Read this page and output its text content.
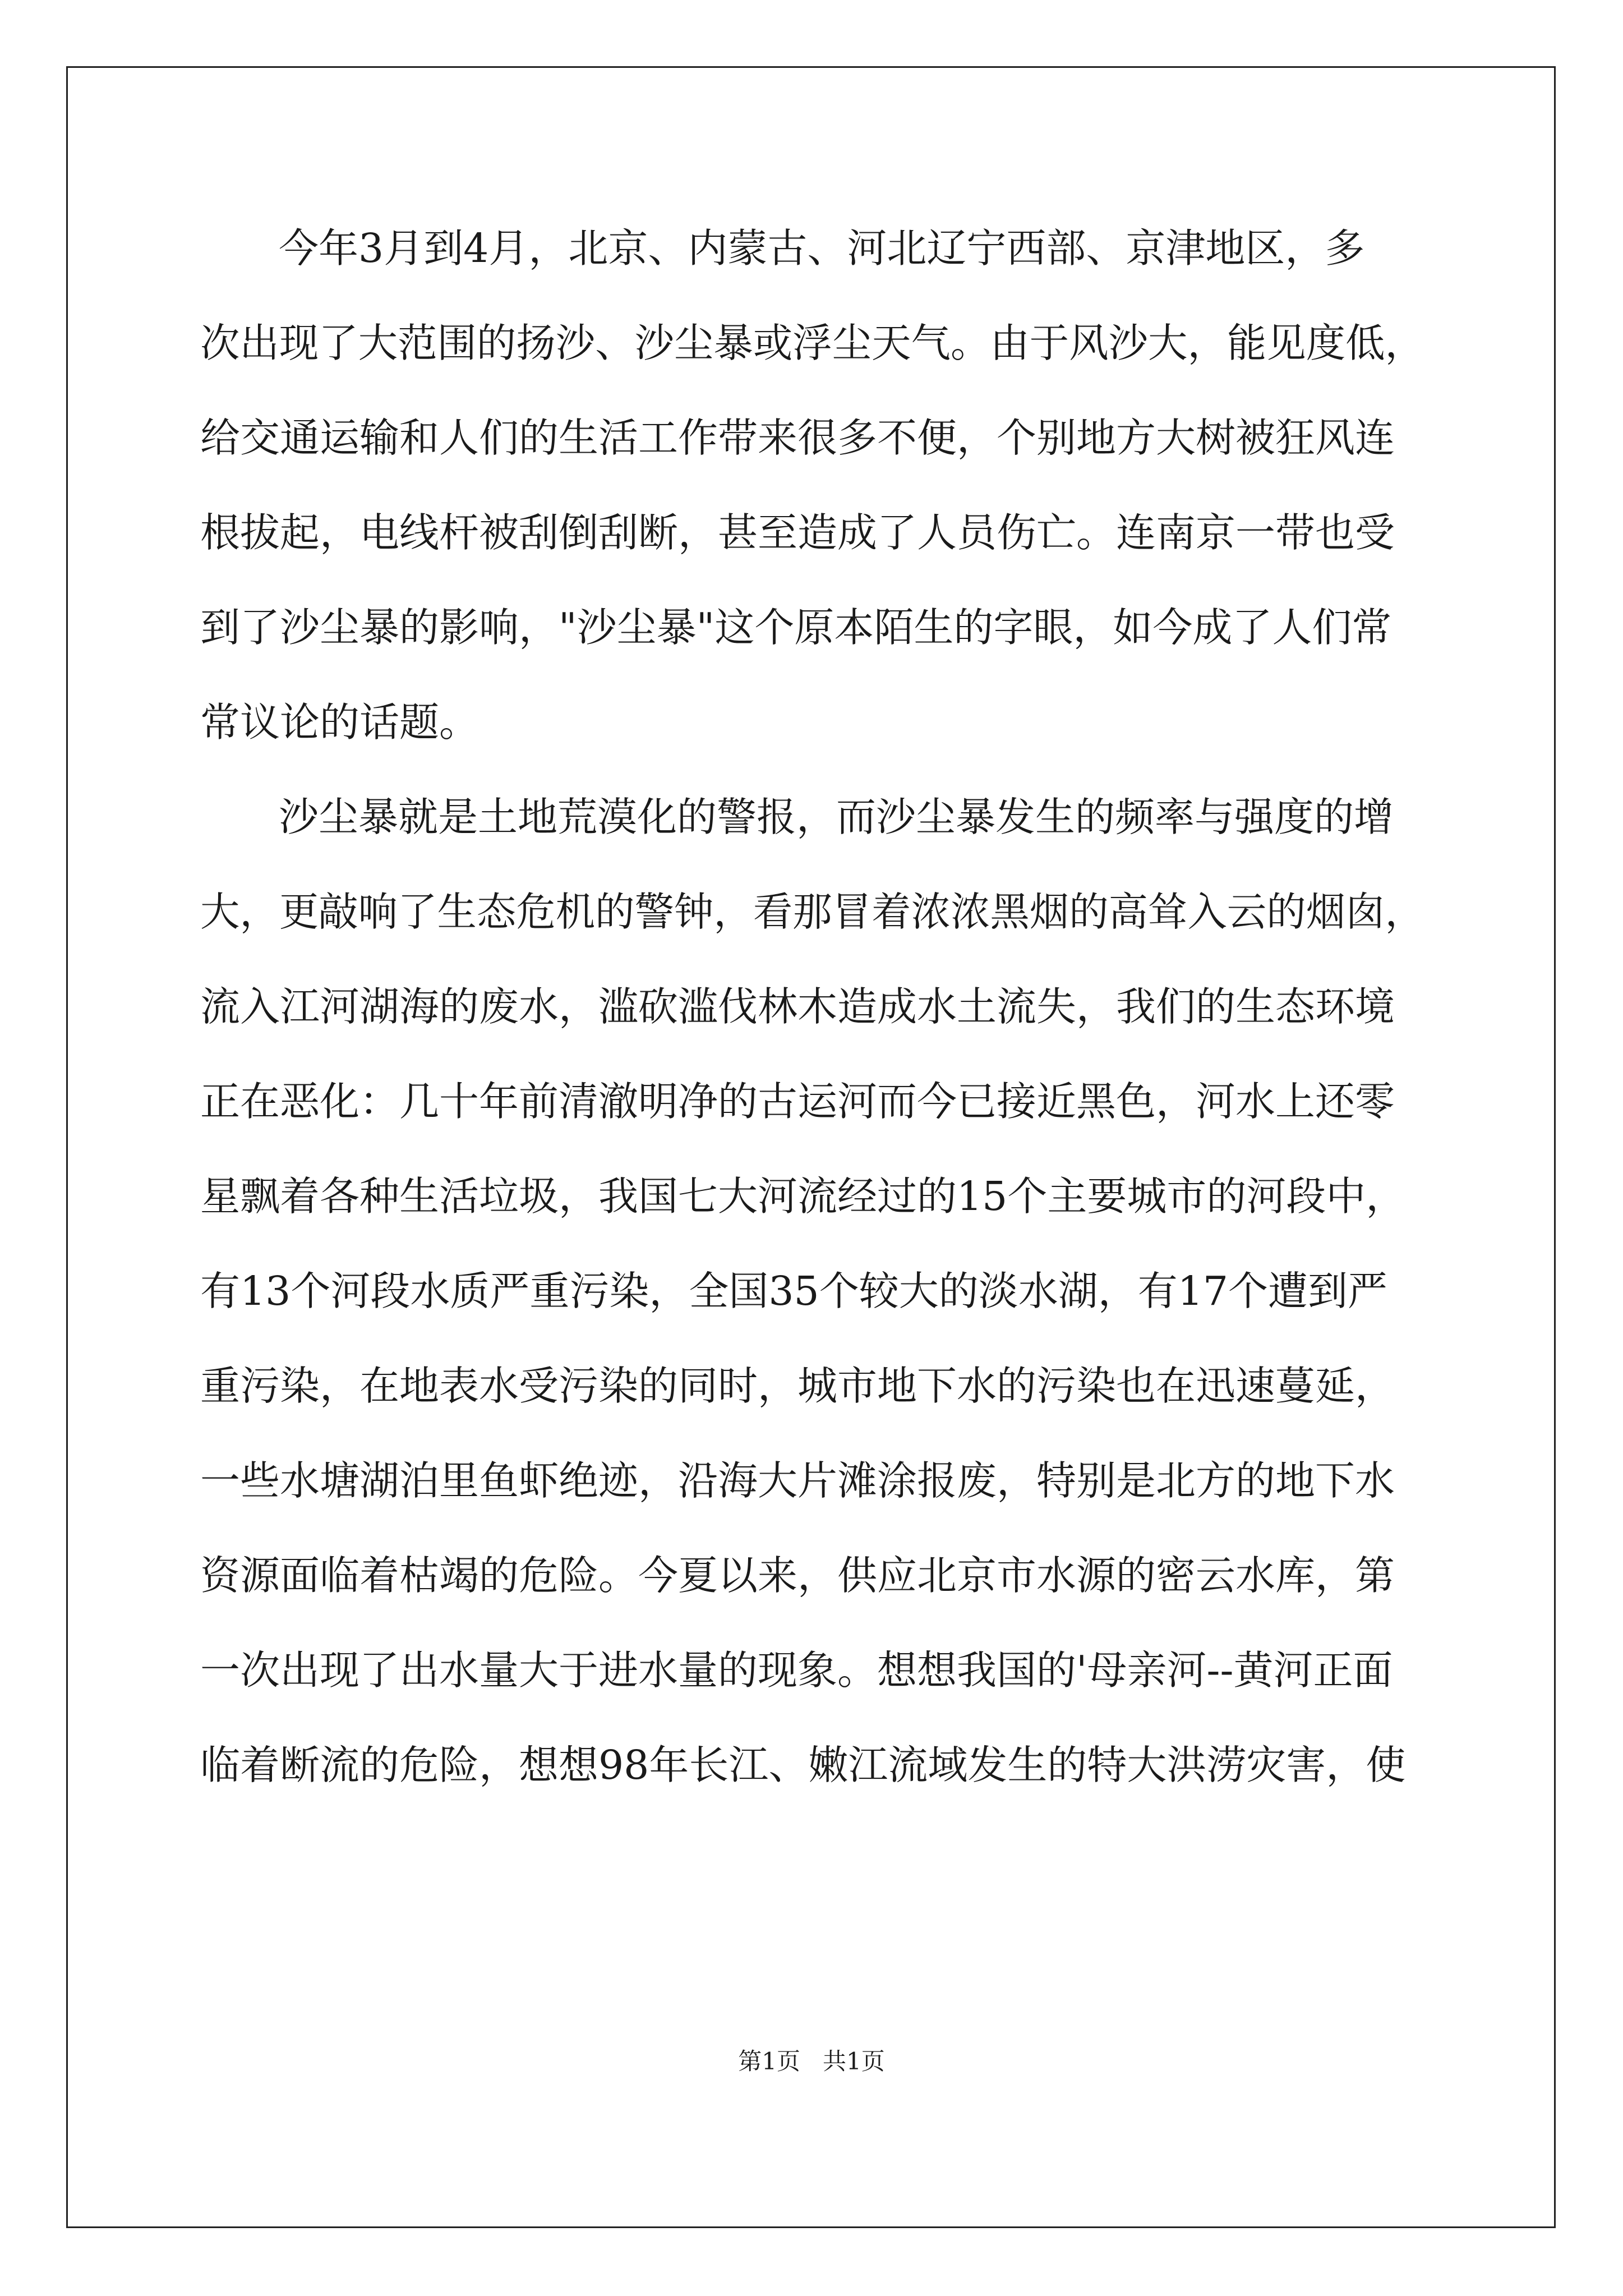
今年3月到4月，北京、内蒙古、河北辽宁西部、京津地区，多
次出现了大范围的扬沙、沙尘暴或浮尘天气。由于风沙大，能见度低，
给交通运输和人们的生活工作带来很多不便，个别地方大树被狂风连
根拔起，电线杆被刮倒刮断，甚至造成了人员伤亡。连南京一带也受
到了沙尘暴的影响，"沙尘暴"这个原本陌生的字眼，如今成了人们常
常议论的话题。
沙尘暴就是土地荒漠化的警报，而沙尘暴发生的频率与强度的增
大，更敲响了生态危机的警钟，看那冒着浓浓黑烟的高耸入云的烟囱，
流入江河湖海的废水，滥砍滥伐林木造成水土流失，我们的生态环境
正在恶化：几十年前清澈明净的古运河而今已接近黑色，河水上还零
星飘着各种生活垃圾，我国七大河流经过的15个主要城市的河段中，
有13个河段水质严重污染，全国35个较大的淡水湖，有17个遭到严
重污染，在地表水受污染的同时，城市地下水的污染也在迅速蔓延，
一些水塘湖泊里鱼虾绝迹，沿海大片滩涂报废，特别是北方的地下水
资源面临着枯竭的危险。今夏以来，供应北京市水源的密云水库，第
一次出现了出水量大于进水量的现象。想想我国的'母亲河--黄河正面
临着断流的危险，想想98年长江、嫩江流域发生的特大洪涝灾害，使
第1页   共1页
